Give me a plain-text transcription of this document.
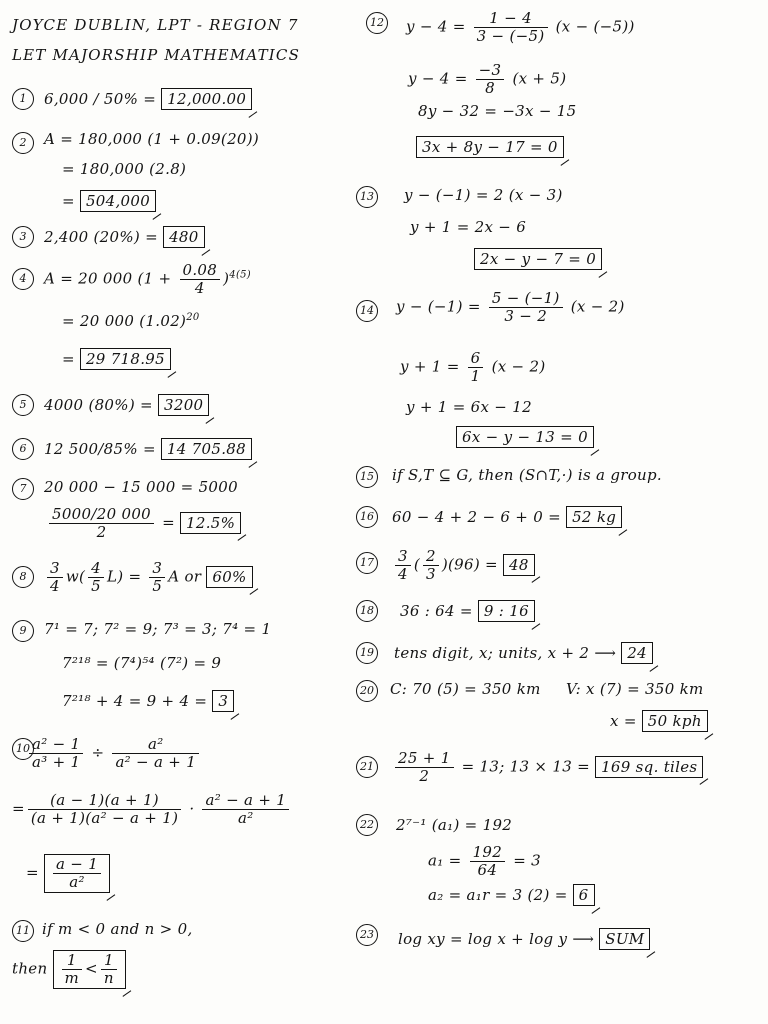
JOYCE DUBLIN, LPT - REGION 7
LET MAJORSHIP MATHEMATICS
1	6,000 / 50% = 12,000.00
2	A = 180,000 (1 + 0.09(20))
= 180,000 (2.8)
= 504,000
3	2,400 (20%) = 480
4	A = 20 000 $(1 + \frac{0.08}{4} )^{4(5)}$
= 20 000 $(1.02)^{20}$
= 29 718.95
5	4000 (80%) = 3200
6	12 500/85% = 14 705.88
7	20 000 − 15 000 = 5000
$\frac{5000/20 000}{2} = 12.5\%$
8	$\frac{3}{4} w( \frac{4}{5} L) = \frac{3}{5}$ A or 60%
9	7¹ = 7; 7² = 9; 7³ = 3; 7⁴ = 1
7²¹⁸ = (7⁴)⁵⁴ (7²) = 9
7²¹⁸ + 4 = 9 + 4 = 3
$10 \frac{\text{a² − 1}}{\text{a³ + 1}} \div \frac{\text{a²}}{\text{a² − a + 1}}$
= $\frac{(a - 1)(a + 1)}{\text{(a + 1)(a² − a + 1)}} \cdot \frac{\text{a² − a + 1}}{\text{a²}}$
= $\frac{a - 1}{\text{a²}}$
11 if m < 0 and n > 0,
then $\frac{1}{m} < \frac{1}{n}$
12 $y - 4 = \frac{1 - 4}{3 - (-5)} (x - (-5))$
$y - 4 = \frac{-3}{8} (x + 5)$
8y − 32 = −3x − 15
3x + 8y − 17 = 0
13 y − (−1) = 2 (x − 3)
y + 1 = 2x − 6
2x − y − 7 = 0
14 $y - (-1) = \frac{5 - (-1)}{3 - 2} (x - 2)$
$y + 1 = \frac{6}{1} (x - 2)$
y + 1 = 6x − 12
6x − y − 13 = 0
15 if S,T ⊆ G, then (S∩T,·) is a group.
16 60 − 4 + 2 − 6 + 0 = 52 kg
$17 \frac{3}{4}$ ( $\frac{2}{3} )(96) = 48$
18 36 : 64 = 9 : 16
19 tens digit, x; units, x + 2 ⟶ 24
20 C: 70 (5) = 350 km V: x (7) = 350 km
x = 50 kph
$21 \frac{25 + 1}{2} = 13$; 13 × 13 = 169 sq. tiles
22 2⁷⁻¹ (a₁) = 192
$a_1 = \frac{192}{64} = 3$
a₂ = a₁r = 3 (2) = 6
23 log xy = log x + log y ⟶ SUM
